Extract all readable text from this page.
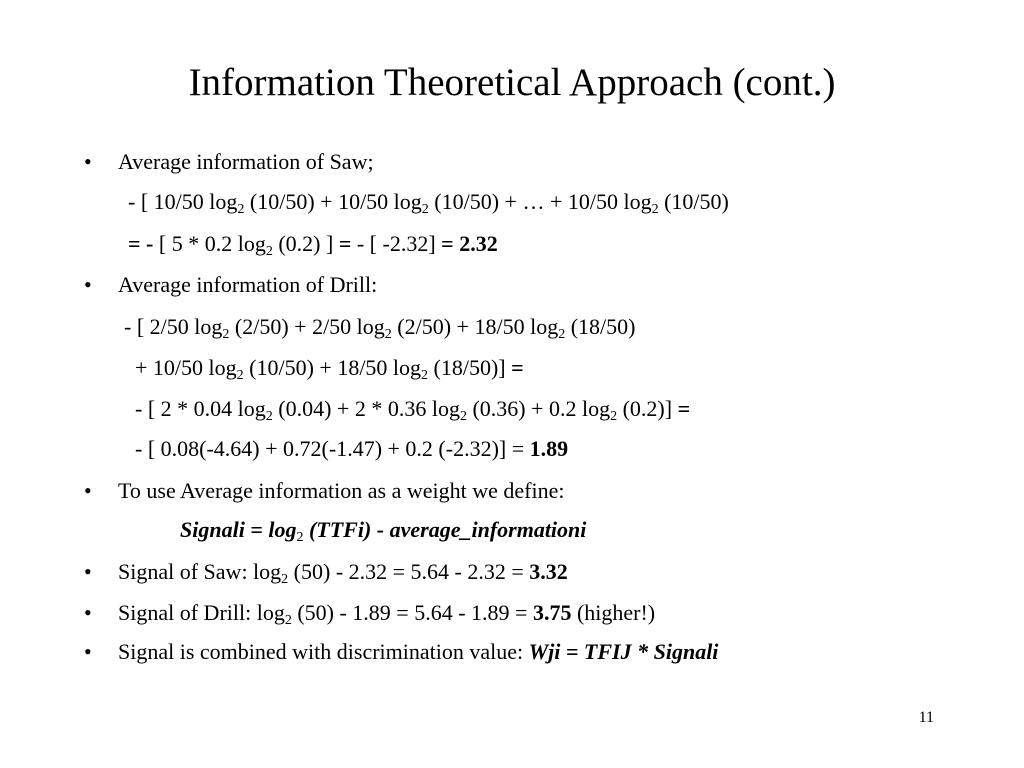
Information Theoretical Approach (cont.)
• Average information of Saw;
- [ 10/50 $\log_2 (10/50) + 10/50$ $\log_2 (10/50)$ + … + 10/50 $\log_2 (10/50)$
= - [ 5 * 0.2 $\log_2 (0.2)$ ] = - [ -2.32] = 2.32
• Average information of Drill:
- [ 2/50 $\log_2 (2/50) + 2/50$ $\log_2 (2/50) + 18/50$ $\log_2 (18/50)$
+ 10/50 $\log_2 (10/50) + 18/50$ $\log_2 (18/50)$] =
- [ 2 * 0.04 $\log_2 (0.04) + 2 * 0.36$ $\log_2 (0.36) + 0.2$ $\log_2 (0.2)$] =
- [ 0.08(-4.64) + 0.72(-1.47) + 0.2 (-2.32)] = 1.89
• To use Average information as a weight we define:
Signali = $\log_2$ (TTFi) - average_informationi
• Signal of Saw: $\log_2 (50) - 2.32 = 5.64 - 2.32 = 3.32$
• Signal of Drill: $\log_2 (50) - 1.89 = 5.64 - 1.89 = 3.75$ (higher!)
• Signal is combined with discrimination value: Wji = TFIJ * Signali
11
